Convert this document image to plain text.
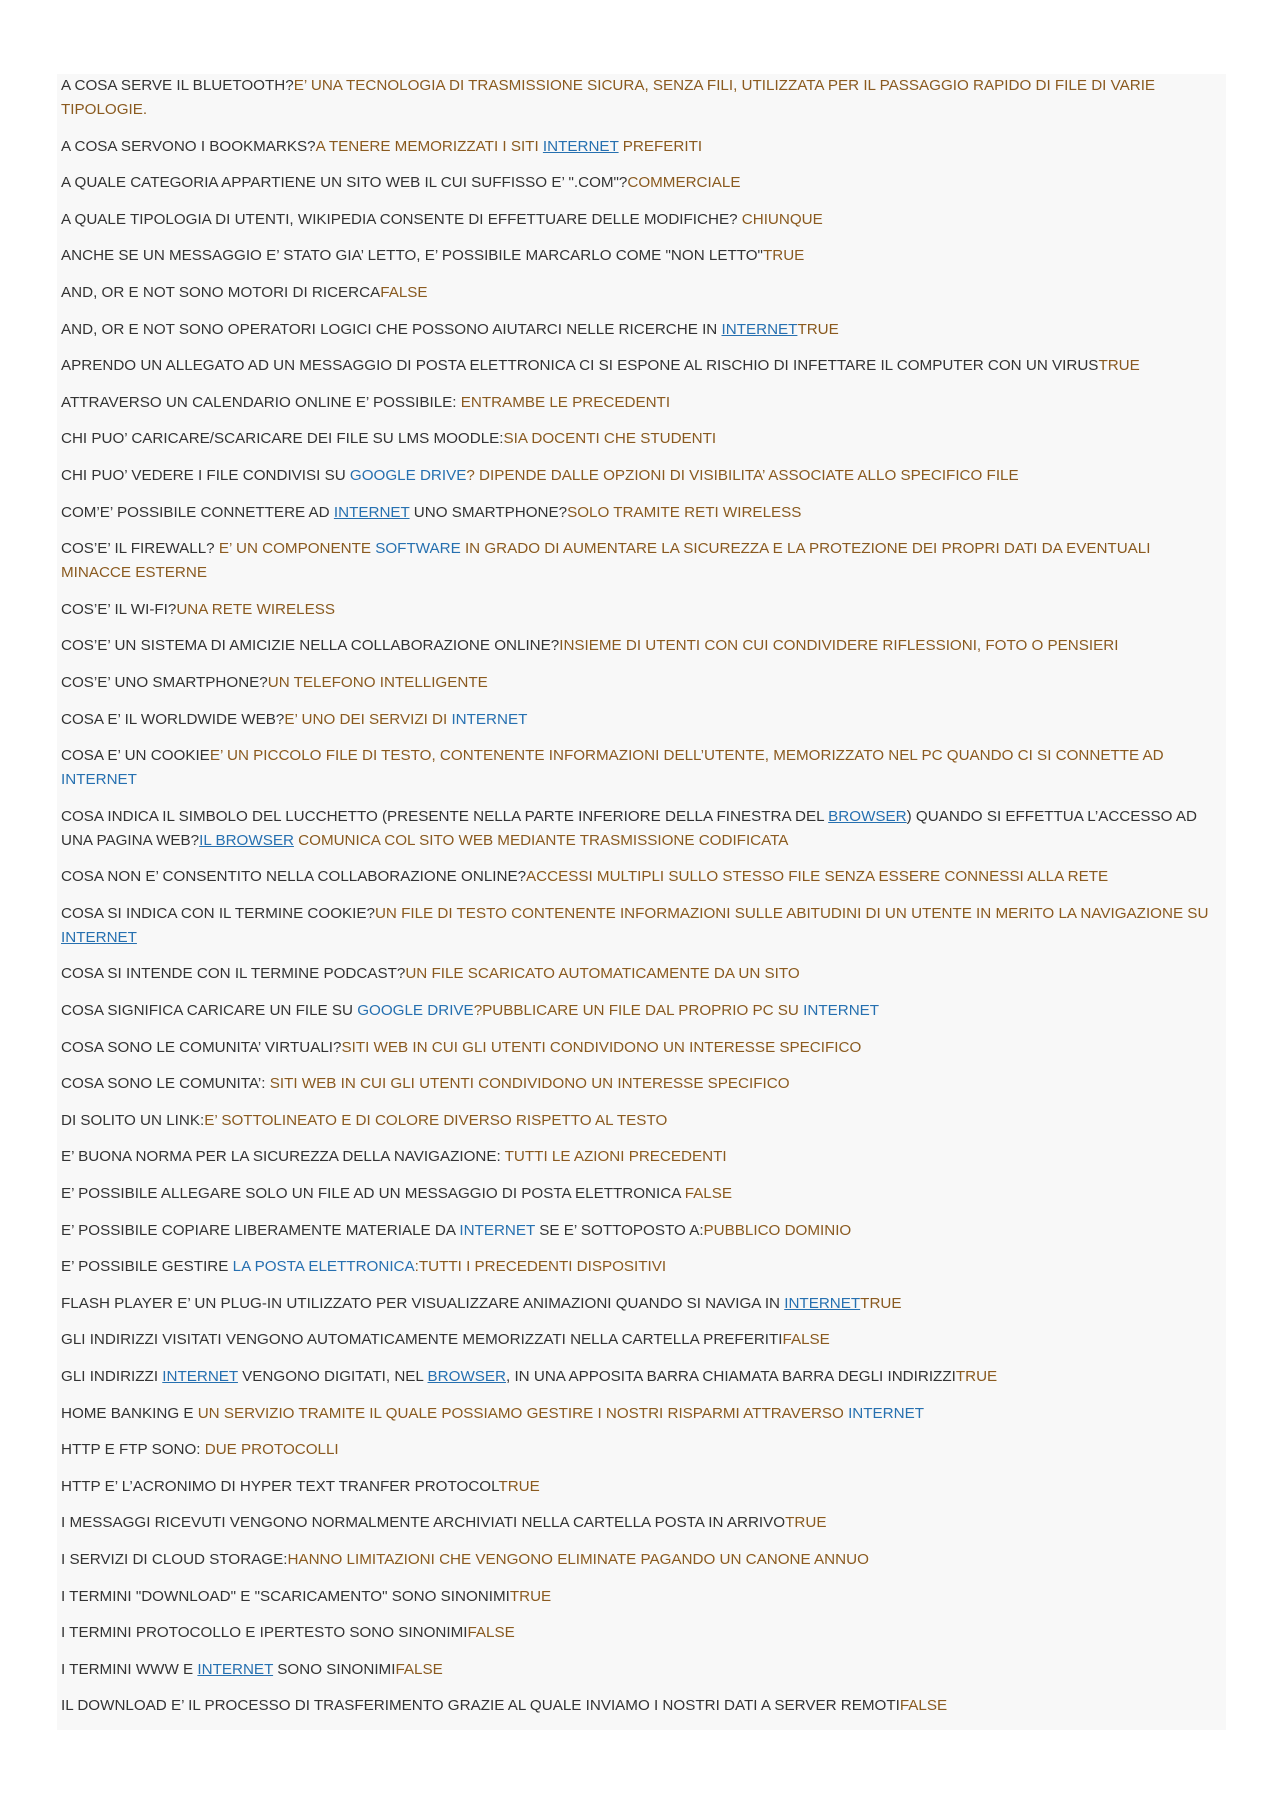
A COSA SERVE IL BLUETOOTH?E’ UNA TECNOLOGIA DI TRASMISSIONE SICURA, SENZA FILI, UTILIZZATA PER IL PASSAGGIO RAPIDO DI FILE DI VARIE TIPOLOGIE.
A COSA SERVONO I BOOKMARKS?A TENERE MEMORIZZATI I SITI INTERNET PREFERITI
A QUALE CATEGORIA APPARTIENE UN SITO WEB IL CUI SUFFISSO E’ ".COM"?COMMERCIALE
A QUALE TIPOLOGIA DI UTENTI, WIKIPEDIA CONSENTE DI EFFETTUARE DELLE MODIFICHE? CHIUNQUE
ANCHE SE UN MESSAGGIO E’ STATO GIA’ LETTO, E’ POSSIBILE MARCARLO COME "NON LETTO"TRUE
AND, OR E NOT SONO MOTORI DI RICERCAFALSE
AND, OR E NOT SONO OPERATORI LOGICI CHE POSSONO AIUTARCI NELLE RICERCHE IN INTERNETTRUE
APRENDO UN ALLEGATO AD UN MESSAGGIO DI POSTA ELETTRONICA CI SI ESPONE AL RISCHIO DI INFETTARE IL COMPUTER CON UN VIRUSTRUE
ATTRAVERSO UN CALENDARIO ONLINE E’ POSSIBILE: ENTRAMBE LE PRECEDENTI
CHI PUO’ CARICARE/SCARICARE DEI FILE SU LMS MOODLE:SIA DOCENTI CHE STUDENTI
CHI PUO’ VEDERE I FILE CONDIVISI SU GOOGLE DRIVE? DIPENDE DALLE OPZIONI DI VISIBILITA’ ASSOCIATE ALLO SPECIFICO FILE
COM’E’ POSSIBILE CONNETTERE AD INTERNET UNO SMARTPHONE?SOLO TRAMITE RETI WIRELESS
COS’E’ IL FIREWALL? E’ UN COMPONENTE SOFTWARE IN GRADO DI AUMENTARE LA SICUREZZA E LA PROTEZIONE DEI PROPRI DATI DA EVENTUALI MINACCE ESTERNE
COS’E’ IL WI-FI?UNA RETE WIRELESS
COS’E’ UN SISTEMA DI AMICIZIE NELLA COLLABORAZIONE ONLINE?INSIEME DI UTENTI CON CUI CONDIVIDERE RIFLESSIONI, FOTO O PENSIERI
COS’E’ UNO SMARTPHONE?UN TELEFONO INTELLIGENTE
COSA E’ IL WORLDWIDE WEB?E’ UNO DEI SERVIZI DI INTERNET
COSA E’ UN COOKIEE’ UN PICCOLO FILE DI TESTO, CONTENENTE INFORMAZIONI DELL’UTENTE, MEMORIZZATO NEL PC QUANDO CI SI CONNETTE AD INTERNET
COSA INDICA IL SIMBOLO DEL LUCCHETTO (PRESENTE NELLA PARTE INFERIORE DELLA FINESTRA DEL BROWSER) QUANDO SI EFFETTUA L’ACCESSO AD UNA PAGINA WEB?IL BROWSER COMUNICA COL SITO WEB MEDIANTE TRASMISSIONE CODIFICATA
COSA NON E’ CONSENTITO NELLA COLLABORAZIONE ONLINE?ACCESSI MULTIPLI SULLO STESSO FILE SENZA ESSERE CONNESSI ALLA RETE
COSA SI INDICA CON IL TERMINE COOKIE?UN FILE DI TESTO CONTENENTE INFORMAZIONI SULLE ABITUDINI DI UN UTENTE IN MERITO LA NAVIGAZIONE SU INTERNET
COSA SI INTENDE CON IL TERMINE PODCAST?UN FILE SCARICATO AUTOMATICAMENTE DA UN SITO
COSA SIGNIFICA CARICARE UN FILE SU GOOGLE DRIVE?PUBBLICARE UN FILE DAL PROPRIO PC SU INTERNET
COSA SONO LE COMUNITA’ VIRTUALI?SITI WEB IN CUI GLI UTENTI CONDIVIDONO UN INTERESSE SPECIFICO
COSA SONO LE COMUNITA’: SITI WEB IN CUI GLI UTENTI CONDIVIDONO UN INTERESSE SPECIFICO
DI SOLITO UN LINK:E’ SOTTOLINEATO E DI COLORE DIVERSO RISPETTO AL TESTO
E’ BUONA NORMA PER LA SICUREZZA DELLA NAVIGAZIONE: TUTTI LE AZIONI PRECEDENTI
E’ POSSIBILE ALLEGARE SOLO UN FILE AD UN MESSAGGIO DI POSTA ELETTRONICA FALSE
E’ POSSIBILE COPIARE LIBERAMENTE MATERIALE DA INTERNET SE E’ SOTTOPOSTO A:PUBBLICO DOMINIO
E’ POSSIBILE GESTIRE LA POSTA ELETTRONICA:TUTTI I PRECEDENTI DISPOSITIVI
FLASH PLAYER E’ UN PLUG-IN UTILIZZATO PER VISUALIZZARE ANIMAZIONI QUANDO SI NAVIGA IN INTERNETTRUE
GLI INDIRIZZI VISITATI VENGONO AUTOMATICAMENTE MEMORIZZATI NELLA CARTELLA PREFERITIFALSE
GLI INDIRIZZI INTERNET VENGONO DIGITATI, NEL BROWSER, IN UNA APPOSITA BARRA CHIAMATA BARRA DEGLI INDIRIZZITRUE
HOME BANKING E UN SERVIZIO TRAMITE IL QUALE POSSIAMO GESTIRE I NOSTRI RISPARMI ATTRAVERSO INTERNET
HTTP E FTP SONO: DUE PROTOCOLLI
HTTP E’ L’ACRONIMO DI HYPER TEXT TRANFER PROTOCOLTRUE
I MESSAGGI RICEVUTI VENGONO NORMALMENTE ARCHIVIATI NELLA CARTELLA POSTA IN ARRIVOTRUE
I SERVIZI DI CLOUD STORAGE:HANNO LIMITAZIONI CHE VENGONO ELIMINATE PAGANDO UN CANONE ANNUO
I TERMINI "DOWNLOAD" E "SCARICAMENTO" SONO SINONIMITRUE
I TERMINI PROTOCOLLO E IPERTESTO SONO SINONIMIFALSE
I TERMINI WWW E INTERNET SONO SINONIMIFALSE
IL DOWNLOAD E’ IL PROCESSO DI TRASFERIMENTO GRAZIE AL QUALE INVIAMO I NOSTRI DATI A SERVER REMOTIFALSE
